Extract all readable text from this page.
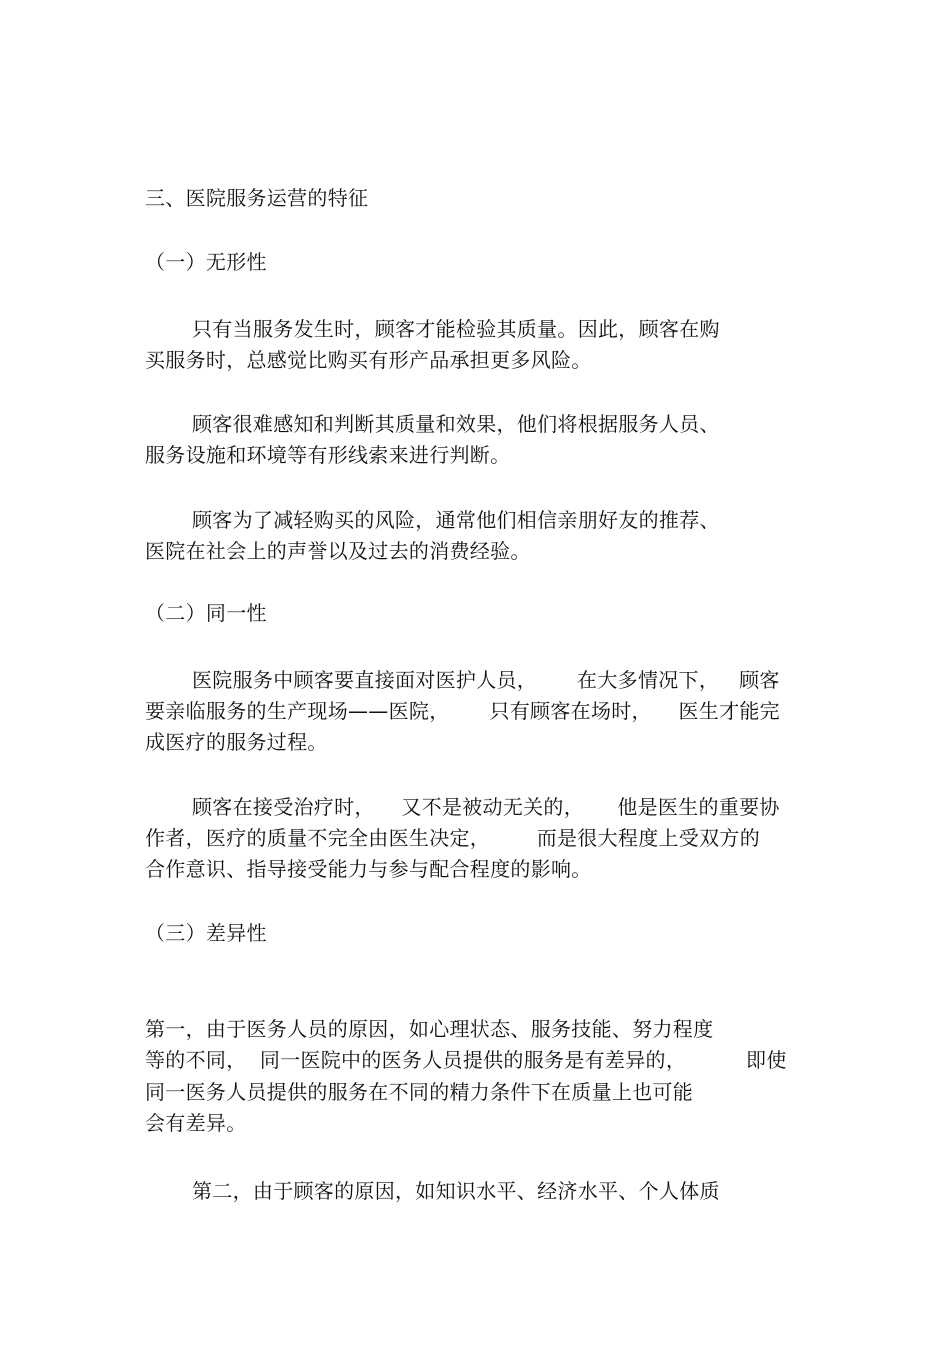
三、医院服务运营的特征
（一）无形性
只有当服务发生时，顾客才能检验其质量。因此，顾客在购
买服务时，总感觉比购买有形产品承担更多风险。
顾客很难感知和判断其质量和效果，他们将根据服务人员、
服务设施和环境等有形线索来进行判断。
顾客为了减轻购买的风险，通常他们相信亲朋好友的推荐、
医院在社会上的声誉以及过去的消费经验。
（二）同一性
医院服务中顾客要直接面对医护人员，      在大多情况下，   顾客
要亲临服务的生产现场——医院，      只有顾客在场时，    医生才能完
成医疗的服务过程。
顾客在接受治疗时，    又不是被动无关的，     他是医生的重要协
作者，医疗的质量不完全由医生决定，       而是很大程度上受双方的
合作意识、指导接受能力与参与配合程度的影响。
（三）差异性
第一，由于医务人员的原因，如心理状态、服务技能、努力程度
等的不同，  同一医院中的医务人员提供的服务是有差异的，         即使
同一医务人员提供的服务在不同的精力条件下在质量上也可能
会有差异。
第二，由于顾客的原因，如知识水平、经济水平、个人体质
